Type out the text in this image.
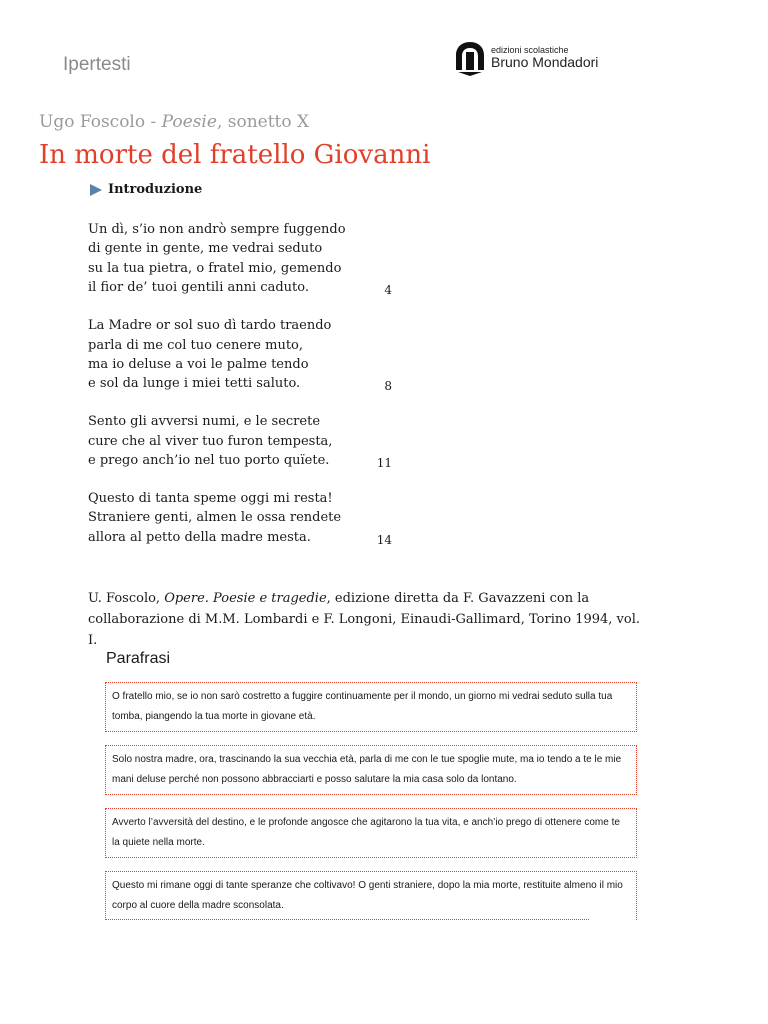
Ipertesti
edizioni scolastiche
Bruno Mondadori
Ugo Foscolo - Poesie, sonetto X
In morte del fratello Giovanni
Introduzione
Un dì, s’io non andrò sempre fuggendo
di gente in gente, me vedrai seduto
su la tua pietra, o fratel mio, gemendo
il fior de’ tuoi gentili anni caduto.	4
La Madre or sol suo dì tardo traendo
parla di me col tuo cenere muto,
ma io deluse a voi le palme tendo
e sol da lunge i miei tetti saluto.	8
Sento gli avversi numi, e le secrete
cure che al viver tuo furon tempesta,
e prego anch’io nel tuo porto quïete.	11
Questo di tanta speme oggi mi resta!
Straniere genti, almen le ossa rendete
allora al petto della madre mesta.	14
U. Foscolo, Opere. Poesie e tragedie, edizione diretta da F. Gavazzeni con la collaborazione di M.M. Lombardi e F. Longoni, Einaudi-Gallimard, Torino 1994, vol. I.
Parafrasi
O fratello mio, se io non sarò costretto a fuggire continuamente per il mondo, un giorno mi vedrai seduto sulla tua tomba, piangendo la tua morte in giovane età.
Solo nostra madre, ora, trascinando la sua vecchia età, parla di me con le tue spoglie mute, ma io tendo a te le mie mani deluse perché non possono abbracciarti e posso salutare la mia casa solo da lontano.
Avverto l’avversità del destino, e le profonde angosce che agitarono la tua vita, e anch’io prego di ottenere come te la quiete nella morte.
Questo mi rimane oggi di tante speranze che coltivavo! O genti straniere, dopo la mia morte, restituite almeno il mio corpo al cuore della madre sconsolata.
